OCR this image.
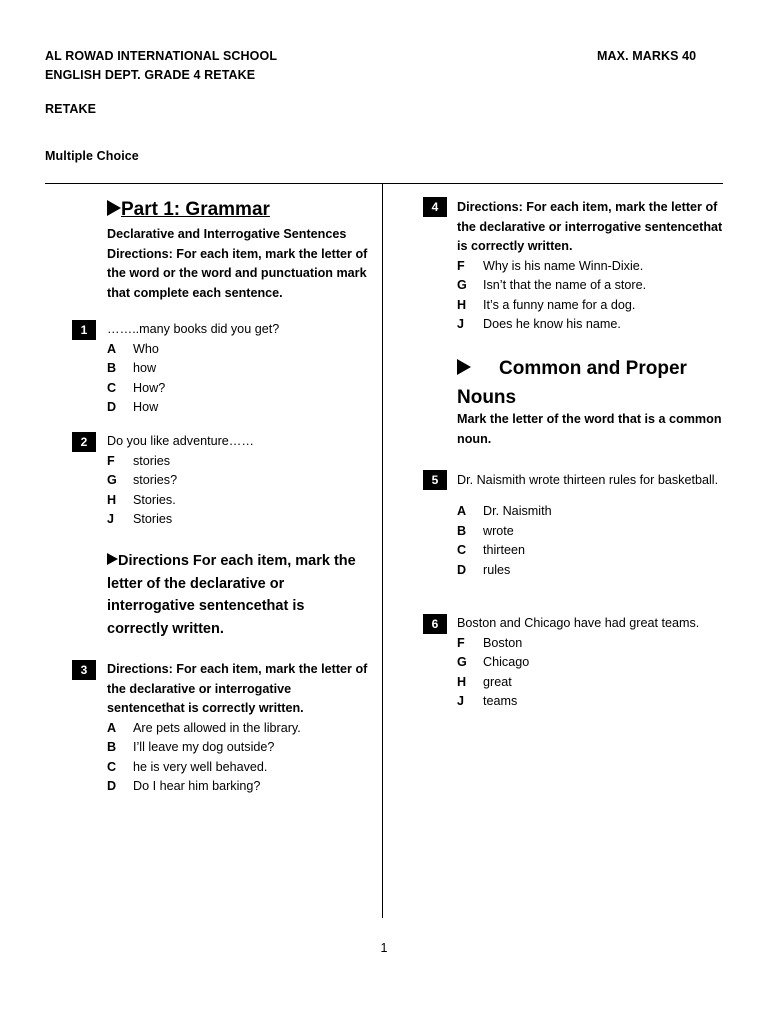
AL ROWAD INTERNATIONAL SCHOOL
ENGLISH DEPT. GRADE 4 RETAKE
MAX. MARKS 40
RETAKE
Multiple Choice
Part 1: Grammar
Declarative and Interrogative Sentences
Directions: For each item, mark the letter of the word or the word and punctuation mark that complete each sentence.
1	……..many books did you get?
A	Who
B	how
C	How?
D	How
2	Do you like adventure……
F	stories
G	stories?
H	Stories.
J	Stories
Directions For each item, mark the letter of the declarative or interrogative sentencethat is correctly written.
3	Directions: For each item, mark the letter of the declarative or interrogative sentencethat is correctly written.
A	Are pets allowed in the library.
B	I’ll leave my dog outside?
C	he is very well behaved.
D	Do I hear him barking?
4	Directions: For each item, mark the letter of the declarative or interrogative sentencethat is correctly written.
F	Why is his name Winn-Dixie.
G	Isn’t that the name of a store.
H	It’s a funny name for a dog.
J	Does he know his name.
Common and Proper
Nouns
Mark the letter of the word that is a common noun.
5	Dr. Naismith wrote thirteen rules for basketball.
A	Dr. Naismith
B	wrote
C	thirteen
D	rules
6	Boston and Chicago have had great teams.
F	Boston
G	Chicago
H	great
J	teams
1
